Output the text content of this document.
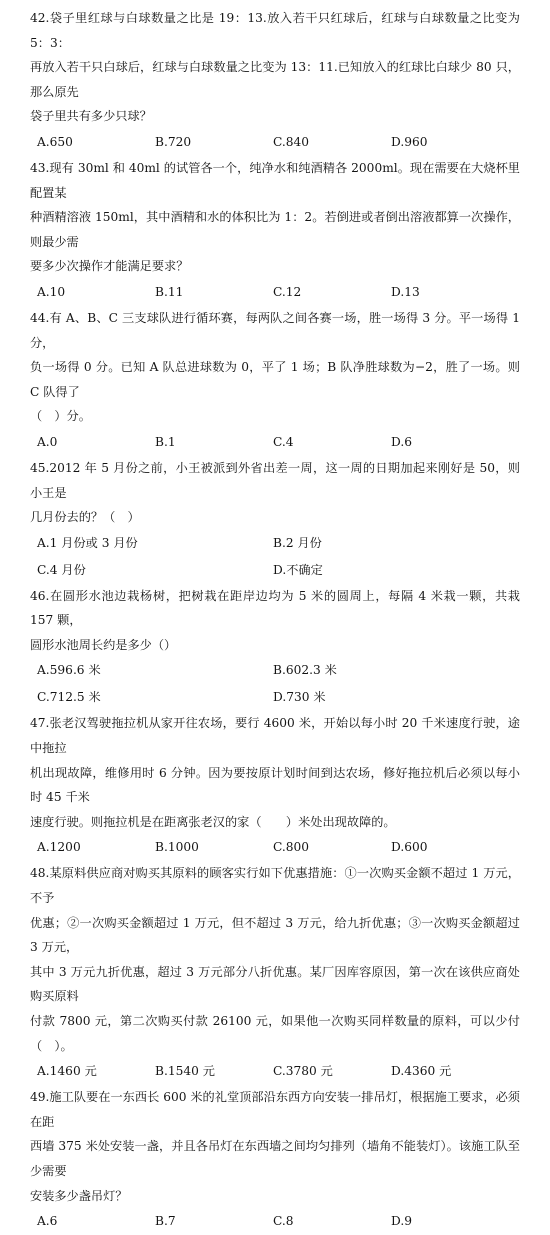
42.袋子里红球与白球数量之比是 19：13.放入若干只红球后，红球与白球数量之比变为 5：3：
再放入若干只白球后，红球与白球数量之比变为 13：11.已知放入的红球比白球少 80 只，那么原先
袋子里共有多少只球？
A.650	B.720	C.840	D.960
43.现有 30ml 和 40ml 的试管各一个，纯净水和纯酒精各 2000ml。现在需要在大烧杯里配置某
种酒精溶液 150ml，其中酒精和水的体积比为 1：2。若倒进或者倒出溶液都算一次操作，则最少需
要多少次操作才能满足要求？
A.10	B.11	C.12	D.13
44.有 A、B、C 三支球队进行循环赛，每两队之间各赛一场，胜一场得 3 分。平一场得 1 分，
负一场得 0 分。已知 A 队总进球数为 0，平了 1 场；B 队净胜球数为−2，胜了一场。则 C 队得了
（　）分。
A.0	B.1	C.4	D.6
45.2012 年 5 月份之前，小王被派到外省出差一周，这一周的日期加起来刚好是 50，则小王是
几月份去的？（　）
A.1 月份或 3 月份	B.2 月份
C.4 月份	D.不确定
46.在圆形水池边栽杨树，把树栽在距岸边均为 5 米的圆周上，每隔 4 米栽一颗，共栽 157 颗，
圆形水池周长约是多少（）
A.596.6 米	B.602.3 米
C.712.5 米	D.730 米
47.张老汉驾驶拖拉机从家开往农场，要行 4600 米，开始以每小时 20 千米速度行驶，途中拖拉
机出现故障，维修用时 6 分钟。因为要按原计划时间到达农场，修好拖拉机后必须以每小时 45 千米
速度行驶。则拖拉机是在距离张老汉的家（　　）米处出现故障的。
A.1200	B.1000	C.800	D.600
48.某原料供应商对购买其原料的顾客实行如下优惠措施：①一次购买金额不超过 1 万元，不予
优惠；②一次购买金额超过 1 万元，但不超过 3 万元，给九折优惠；③一次购买金额超过 3 万元，
其中 3 万元九折优惠，超过 3 万元部分八折优惠。某厂因库容原因，第一次在该供应商处购买原料
付款 7800 元，第二次购买付款 26100 元，如果他一次购买同样数量的原料，可以少付（　）。
A.1460 元	B.1540 元	C.3780 元	D.4360 元
49.施工队要在一东西长 600 米的礼堂顶部沿东西方向安装一排吊灯，根据施工要求，必须在距
西墙 375 米处安装一盏，并且各吊灯在东西墙之间均匀排列（墙角不能装灯）。该施工队至少需要
安装多少盏吊灯？
A.6	B.7	C.8	D.9
